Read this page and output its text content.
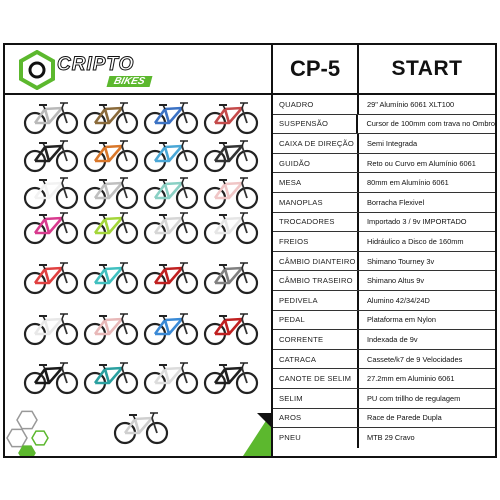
CRIPTO
BIKES
CP-5	START
QUADRO	29" Alumínio 6061 XLT100
SUSPENSÃO	Cursor de 100mm com trava no Ombro
CAIXA DE DIREÇÃO	Semi Integrada
GUIDÃO	Reto ou Curvo em Alumínio 6061
MESA	80mm em Alumínio 6061
MANOPLAS	Borracha Flexivel
TROCADORES	Importado 3 / 9v IMPORTADO
FREIOS	Hidráulico a Disco de 160mm
CÂMBIO DIANTEIRO	Shimano Tourney 3v
CÂMBIO TRASEIRO	Shimano Altus 9v
PEDIVELA	Alumino 42/34/24D
PEDAL	Plataforma em Nylon
CORRENTE	Indexada de 9v
CATRACA	Cassete/k7 de 9 Velocidades
CANOTE DE SELIM	27.2mm em Aluminio 6061
SELIM	PU com trillho de regulagem
AROS	Race de Parede Dupla
PNEU	MTB 29 Cravo
